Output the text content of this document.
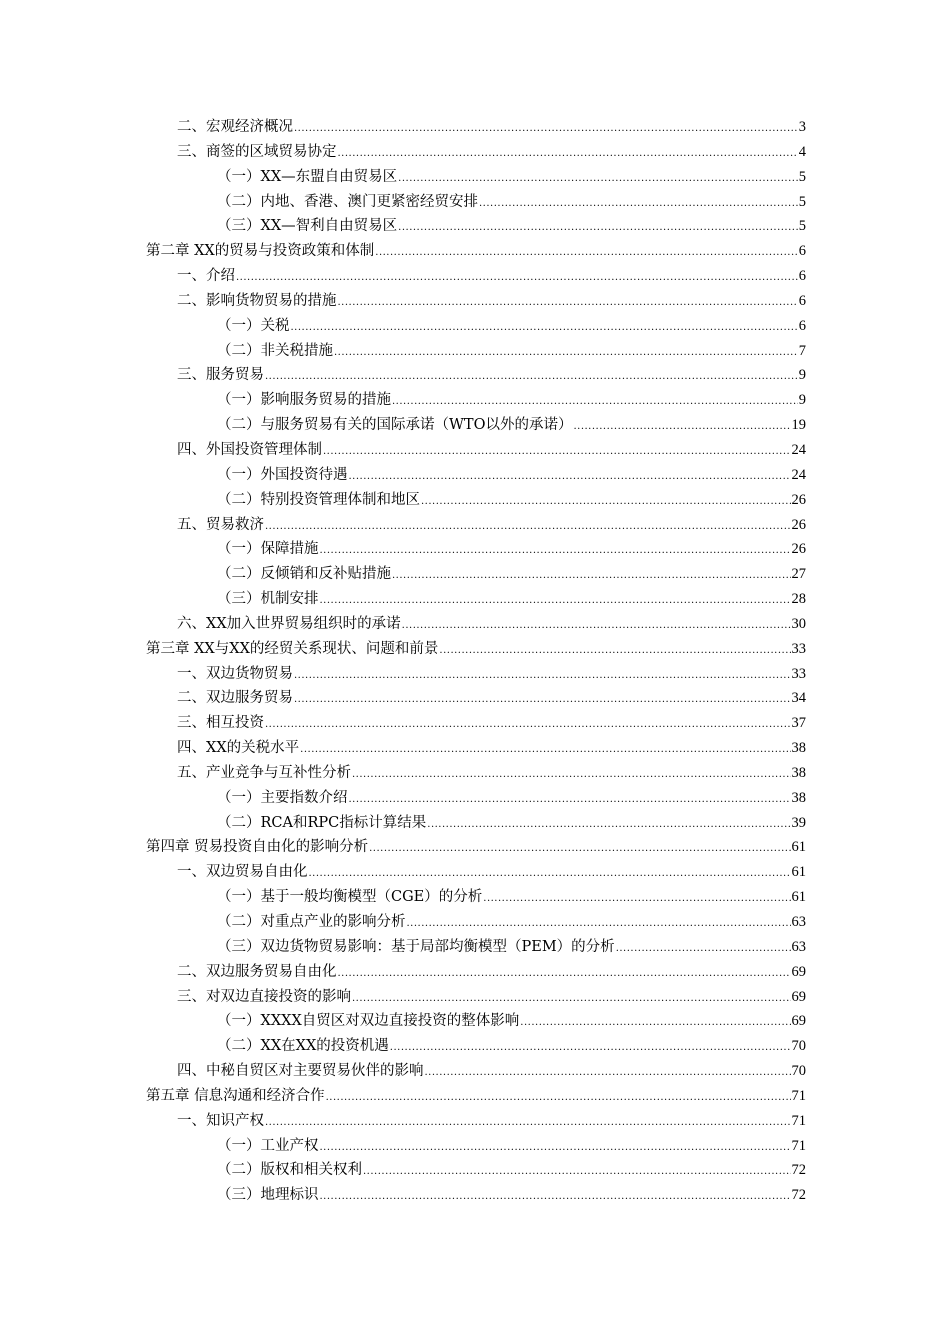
二、宏观经济概况 .....	3
三、商签的区域贸易协定 .....	4
（一）XX—东盟自由贸易区 .....	5
（二）内地、香港、澳门更紧密经贸安排 .....	5
（三）XX—智利自由贸易区 .....	5
第二章 XX的贸易与投资政策和体制 .....	6
一、介绍 .....	6
二、影响货物贸易的措施 .....	6
（一）关税 .....	6
（二）非关税措施 .....	7
三、服务贸易 .....	9
（一）影响服务贸易的措施 .....	9
（二）与服务贸易有关的国际承诺（WTO以外的承诺） .....	19
四、外国投资管理体制 .....	24
（一）外国投资待遇 .....	24
（二）特别投资管理体制和地区 .....	26
五、贸易救济 .....	26
（一）保障措施 .....	26
（二）反倾销和反补贴措施 .....	27
（三）机制安排 .....	28
六、XX加入世界贸易组织时的承诺 .....	30
第三章 XX与XX的经贸关系现状、问题和前景 .....	33
一、双边货物贸易 .....	33
二、双边服务贸易 .....	34
三、相互投资 .....	37
四、XX的关税水平 .....	38
五、产业竞争与互补性分析 .....	38
（一）主要指数介绍 .....	38
（二）RCA和RPC指标计算结果 .....	39
第四章 贸易投资自由化的影响分析 .....	61
一、双边贸易自由化 .....	61
（一）基于一般均衡模型（CGE）的分析 .....	61
（二）对重点产业的影响分析 .....	63
（三）双边货物贸易影响：基于局部均衡模型（PEM）的分析 .....	63
二、双边服务贸易自由化 .....	69
三、对双边直接投资的影响 .....	69
（一）XXXX自贸区对双边直接投资的整体影响 .....	69
（二）XX在XX的投资机遇 .....	70
四、中秘自贸区对主要贸易伙伴的影响 .....	70
第五章 信息沟通和经济合作 .....	71
一、知识产权 .....	71
（一）工业产权 .....	71
（二）版权和相关权利 .....	72
（三）地理标识 .....	72
